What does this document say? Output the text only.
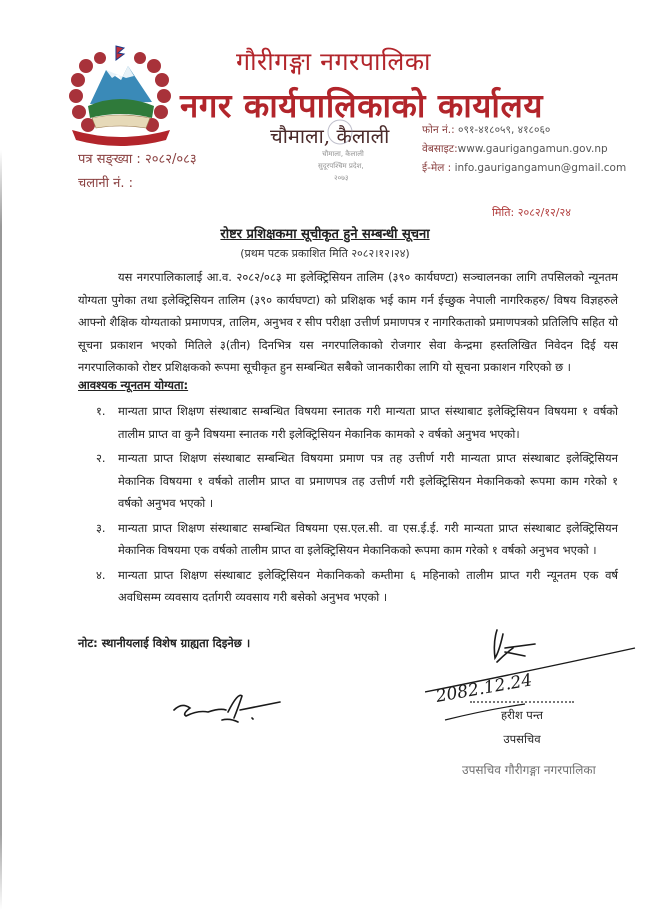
गौरीगङ्गा नगरपालिका
नगर कार्यपालिकाको कार्यालय
चौमाला, कैलाली
चौमाला, कैलाली
सुदूरपश्चिम प्रदेश,
२०७३
फोन नं.: ०९१-४१८०५९, ४१८०६०
वेबसाइट:www.gaurigangamun.gov.np
ई-मेल : info.gaurigangamun@gmail.com
पत्र सङ्ख्या : २०८२/०८३
चलानी नं. :
मिति: २०८२/१२/२४
रोष्टर प्रशिक्षकमा सूचीकृत हुने सम्बन्धी सूचना
(प्रथम पटक प्रकाशित मिति २०८२।१२।२४)

यस नगरपालिकालाई आ.व. २०८२/०८३ मा इलेक्ट्रिसियन तालिम (३९० कार्यघण्टा) सञ्चालनका लागि तपसिलको न्यूनतम योग्यता पुगेका तथा इलेक्ट्रिसियन तालिम (३९० कार्यघण्टा) को प्रशिक्षक भई काम गर्न ईच्छुक नेपाली नागरिकहरु/ विषय विज्ञहरुले आफ्नो शैक्षिक योग्यताको प्रमाणपत्र, तालिम, अनुभव र सीप परीक्षा उत्तीर्ण प्रमाणपत्र र नागरिकताको प्रमाणपत्रको प्रतिलिपि सहित यो सूचना प्रकाशन भएको मितिले ३(तीन) दिनभित्र यस नगरपालिकाको रोजगार सेवा केन्द्रमा हस्तलिखित निवेदन दिई यस नगरपालिकाको रोष्टर प्रशिक्षकको रूपमा सूचीकृत हुन सम्बन्धित सबैको जानकारीका लागि यो सूचना प्रकाशन गरिएको छ ।

आवश्यक न्यूनतम योग्यता:
१. मान्यता प्राप्त शिक्षण संस्थाबाट सम्बन्धित विषयमा स्नातक गरी मान्यता प्राप्त संस्थाबाट इलेक्ट्रिसियन विषयमा १ वर्षको तालीम प्राप्त वा कुनै विषयमा स्नातक गरी इलेक्ट्रिसियन मेकानिक कामको २ वर्षको अनुभव भएको।
२. मान्यता प्राप्त शिक्षण संस्थाबाट सम्बन्धित विषयमा प्रमाण पत्र तह उत्तीर्ण गरी मान्यता प्राप्त संस्थाबाट इलेक्ट्रिसियन मेकानिक विषयमा १ वर्षको तालीम प्राप्त वा प्रमाणपत्र तह उत्तीर्ण गरी इलेक्ट्रिसियन मेकानिकको रूपमा काम गरेको १ वर्षको अनुभव भएको ।
३. मान्यता प्राप्त शिक्षण संस्थाबाट सम्बन्धित विषयमा एस.एल.सी. वा एस.ई.ई. गरी मान्यता प्राप्त संस्थाबाट इलेक्ट्रिसियन मेकानिक विषयमा एक वर्षको तालीम प्राप्त वा इलेक्ट्रिसियन मेकानिकको रूपमा काम गरेको १ वर्षको अनुभव भएको ।
४. मान्यता प्राप्त शिक्षण संस्थाबाट इलेक्ट्रिसियन मेकानिकको कम्तीमा ६ महिनाको तालीम प्राप्त गरी न्यूनतम एक वर्ष अवधिसम्म व्यवसाय दर्तागरी व्यवसाय गरी बसेको अनुभव भएको ।
नोट: स्थानीयलाई विशेष ग्राह्यता दिइनेछ ।
2082.12.24
हरीश पन्त
उपसचिव
उपसचिव गौरीगङ्गा नगरपालिका
